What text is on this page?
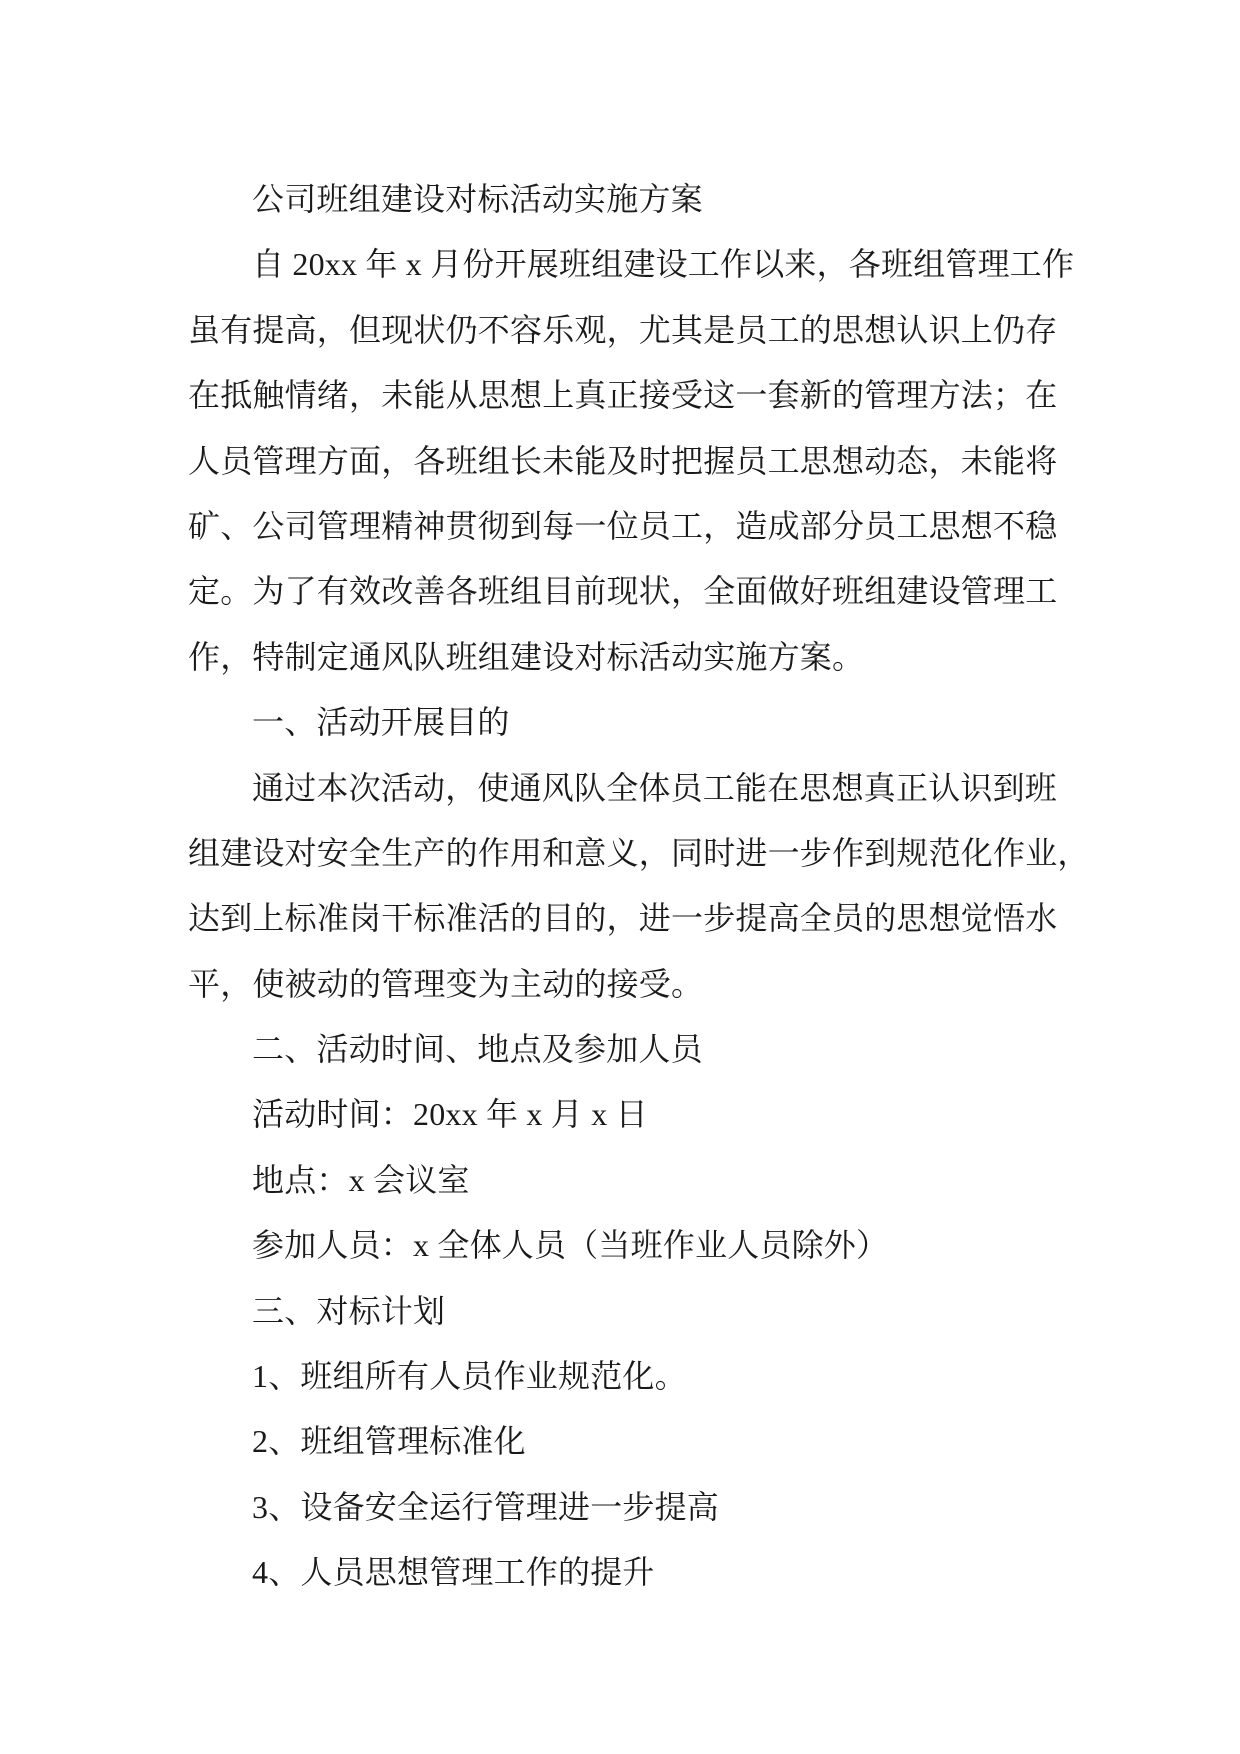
公司班组建设对标活动实施方案
自 20xx 年 x 月份开展班组建设工作以来，各班组管理工作
虽有提高，但现状仍不容乐观，尤其是员工的思想认识上仍存
在抵触情绪，未能从思想上真正接受这一套新的管理方法；在
人员管理方面，各班组长未能及时把握员工思想动态，未能将
矿、公司管理精神贯彻到每一位员工，造成部分员工思想不稳
定。为了有效改善各班组目前现状，全面做好班组建设管理工
作，特制定通风队班组建设对标活动实施方案。
一、活动开展目的
通过本次活动，使通风队全体员工能在思想真正认识到班
组建设对安全生产的作用和意义，同时进一步作到规范化作业，
达到上标准岗干标准活的目的，进一步提高全员的思想觉悟水
平，使被动的管理变为主动的接受。
二、活动时间、地点及参加人员
活动时间：20xx 年 x 月 x 日
地点：x 会议室
参加人员：x 全体人员（当班作业人员除外）
三、对标计划
1、班组所有人员作业规范化。
2、班组管理标准化
3、设备安全运行管理进一步提高
4、人员思想管理工作的提升
